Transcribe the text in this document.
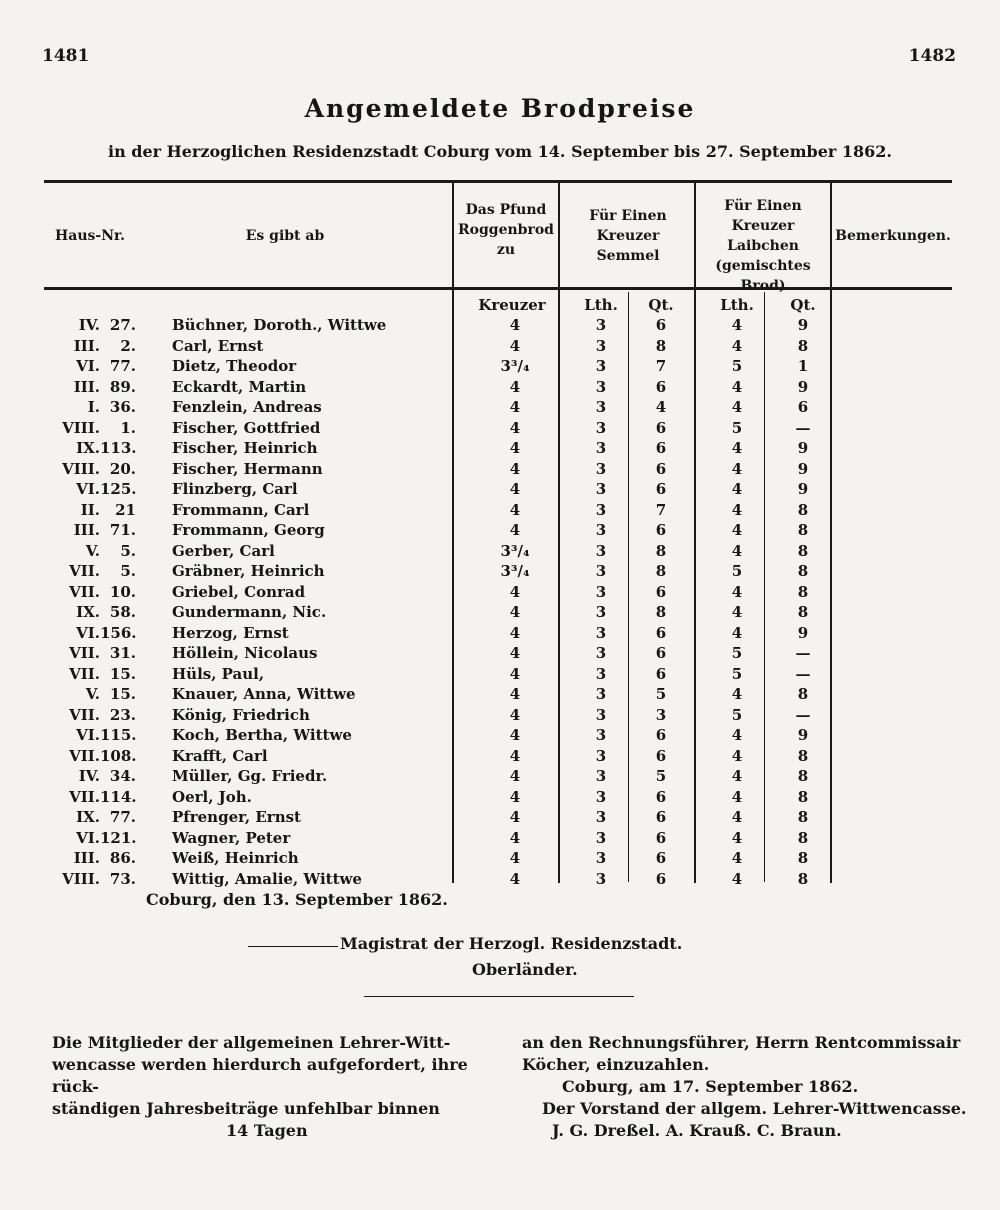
1481	1482
Angemeldete Brodpreise
in der Herzoglichen Residenzstadt Coburg vom 14. September bis 27. September 1862.
Haus-Nr.	Es gibt ab
Das Pfund Roggenbrod zu
Für Einen Kreuzer Semmel
Für Einen Kreuzer Laibchen (gemischtes Brod)
Bemerkungen.
Kreuzer	Lth.	Qt.	Lth.	Qt.
IV. 27. Büchner, Doroth., Wittwe	4	3	6	4	9
III.	2. Carl, Ernst	4	3	8	4	8
VI. 77. Dietz, Theodor	3³/₄	3	7	5	1
III. 89. Eckardt, Martin	4	3	6	4	9
I. 36. Fenzlein, Andreas	4	3	4	4	6
VIII.	1. Fischer, Gottfried	4	3	6	5	—
IX. 113. Fischer, Heinrich	4	3	6	4	9
VIII. 20. Fischer, Hermann	4	3	6	4	9
VI. 125. Flinzberg, Carl	4	3	6	4	9
II.	21 Frommann, Carl	4	3	7	4	8
III. 71. Frommann, Georg	4	3	6	4	8
V.	5. Gerber, Carl	3³/₄	3	8	4	8
VII.	5. Gräbner, Heinrich	3³/₄	3	8	5	8
VII. 10. Griebel, Conrad	4	3	6	4	8
IX. 58. Gundermann, Nic.	4	3	8	4	8
VI. 156. Herzog, Ernst	4	3	6	4	9
VII. 31. Höllein, Nicolaus	4	3	6	5	—
VII. 15. Hüls, Paul,	4	3	6	5	—
V. 15. Knauer, Anna, Wittwe	4	3	5	4	8
VII. 23. König, Friedrich	4	3	3	5	—
VI. 115. Koch, Bertha, Wittwe	4	3	6	4	9
VII. 108. Krafft, Carl	4	3	6	4	8
IV. 34. Müller, Gg. Friedr.	4	3	5	4	8
VII. 114. Oerl, Joh.	4	3	6	4	8
IX. 77. Pfrenger, Ernst	4	3	6	4	8
VI. 121. Wagner, Peter	4	3	6	4	8
III. 86. Weiß, Heinrich	4	3	6	4	8
VIII. 73. Wittig, Amalie, Wittwe	4	3	6	4	8
Coburg, den 13. September 1862.
Magistrat der Herzogl. Residenzstadt.
Oberländer.
Die Mitglieder der allgemeinen Lehrer-Witt-
wencasse werden hierdurch aufgefordert, ihre rück-
ständigen Jahresbeiträge unfehlbar binnen
14 Tagen
an den Rechnungsführer, Herrn Rentcommissair
Köcher, einzuzahlen.
Coburg, am 17. September 1862.
Der Vorstand der allgem. Lehrer-Wittwencasse.
J. G. Dreßel. A. Krauß. C. Braun.
